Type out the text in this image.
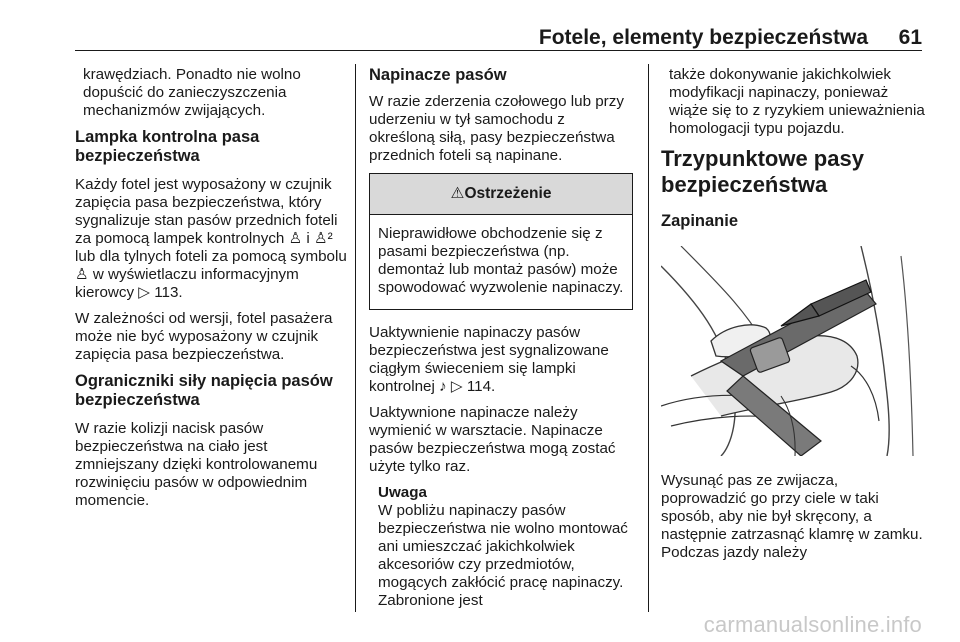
Fotele, elementy bezpieczeństwa 61

krawędziach. Ponadto nie wolno dopuścić do zanieczyszczenia mechanizmów zwijających.

Lampka kontrolna pasa bezpieczeństwa

Każdy fotel jest wyposażony w czujnik zapięcia pasa bezpieczeństwa, który sygnalizuje stan pasów przednich foteli za pomocą lampek kontrolnych ♙ i ♙² lub dla tylnych foteli za pomocą symbolu ♙ w wyświetlaczu informacyjnym kierowcy ▷ 113.

W zależności od wersji, fotel pasażera może nie być wyposażony w czujnik zapięcia pasa bezpieczeństwa.

Ograniczniki siły napięcia pasów bezpieczeństwa

W razie kolizji nacisk pasów bezpieczeństwa na ciało jest zmniejszany dzięki kontrolowanemu rozwinięciu pasów w odpowiednim momencie.

Napinacze pasów

W razie zderzenia czołowego lub przy uderzeniu w tył samochodu z określoną siłą, pasy bezpieczeństwa przednich foteli są napinane.

⚠Ostrzeżenie
Nieprawidłowe obchodzenie się z pasami bezpieczeństwa (np. demontaż lub montaż pasów) może spowodować wyzwolenie napinaczy.

Uaktywnienie napinaczy pasów bezpieczeństwa jest sygnalizowane ciągłym świeceniem się lampki kontrolnej ♪ ▷ 114.

Uaktywnione napinacze należy wymienić w warsztacie. Napinacze pasów bezpieczeństwa mogą zostać użyte tylko raz.

Uwaga
W pobliżu napinaczy pasów bezpieczeństwa nie wolno montować ani umieszczać jakichkolwiek akcesoriów czy przedmiotów, mogących zakłócić pracę napinaczy. Zabronione jest

także dokonywanie jakichkolwiek modyfikacji napinaczy, ponieważ wiąże się to z ryzykiem unieważnienia homologacji typu pojazdu.

Trzypunktowe pasy bezpieczeństwa
Zapinanie

Wysunąć pas ze zwijacza, poprowadzić go przy ciele w taki sposób, aby nie był skręcony, a następnie zatrzasnąć klamrę w zamku. Podczas jazdy należy

carmanualsonline.info
